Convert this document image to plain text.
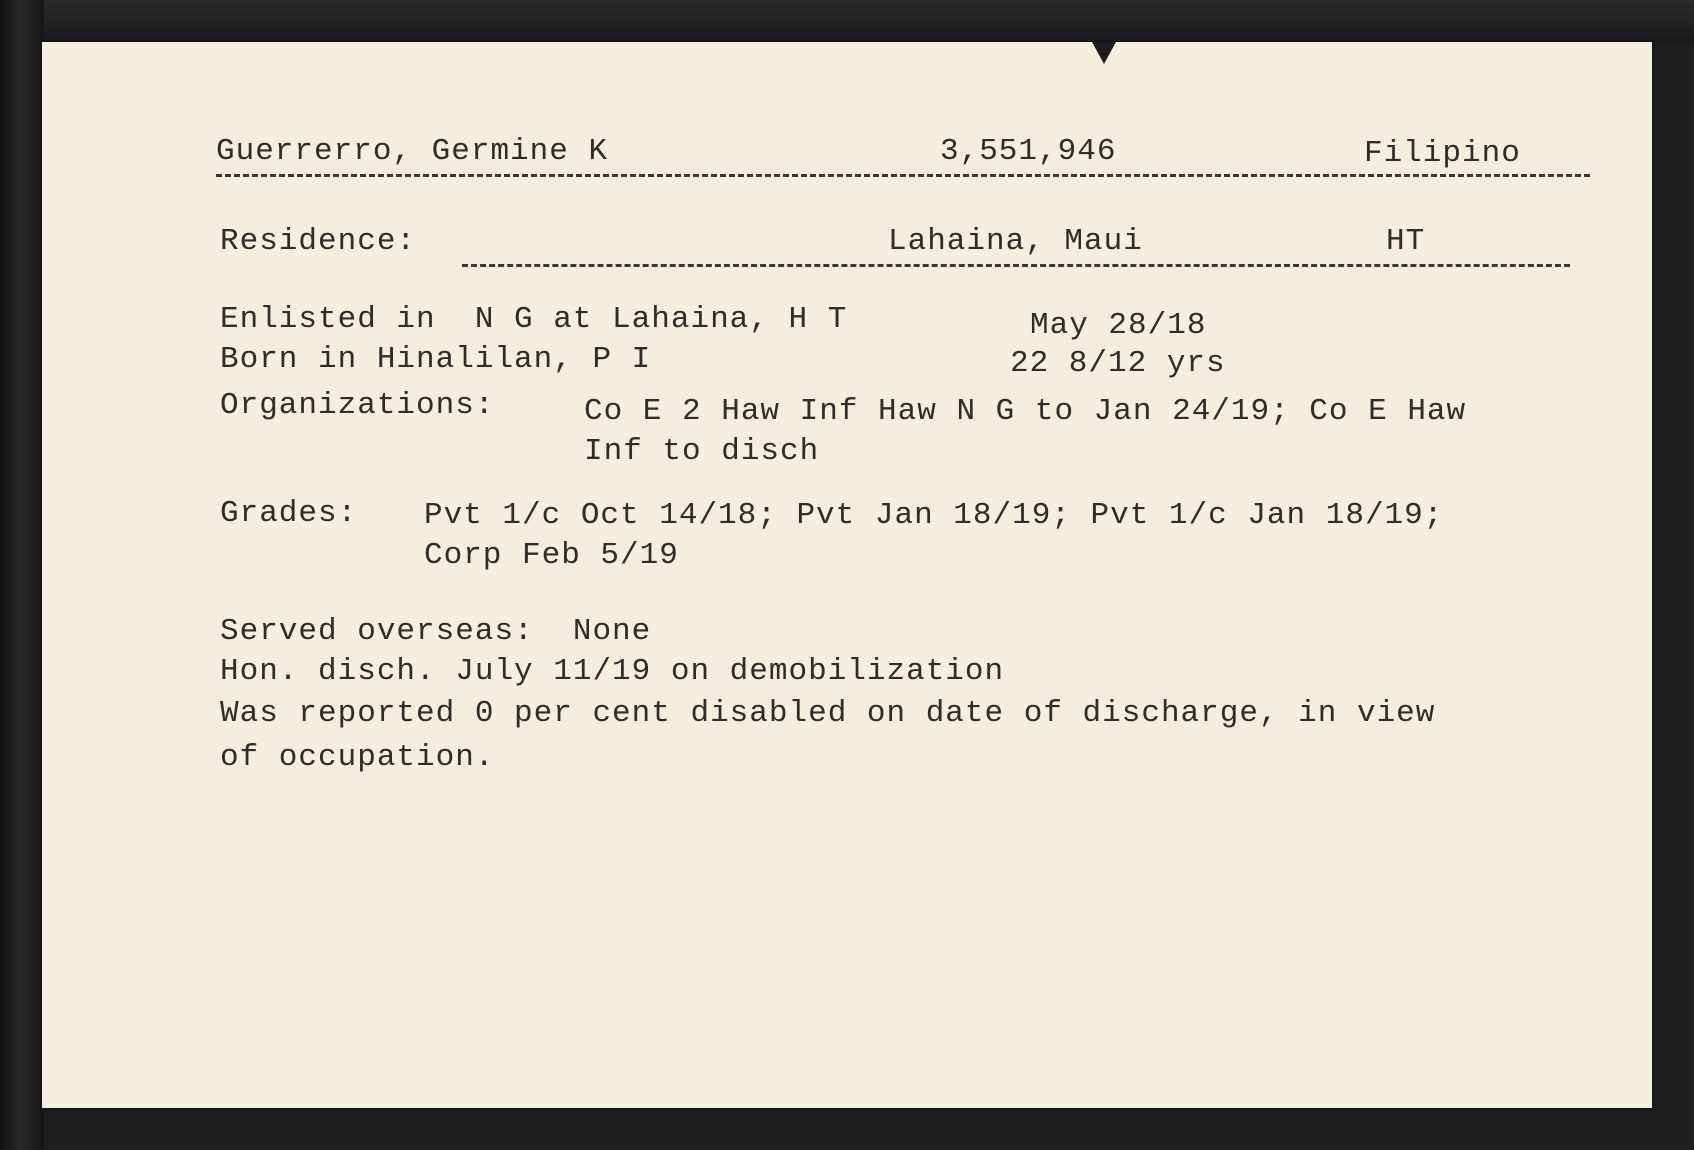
Guerrerro, Germine K	3,551,946	Filipino
Residence:	Lahaina, Maui	HT
Enlisted in  N G at Lahaina, H T	May 28/18
Born in Hinalilan, P I	22 8/12 yrs
Organizations:	Co E 2 Haw Inf Haw N G to Jan 24/19; Co E Haw
Inf to disch
Grades: Pvt 1/c Oct 14/18; Pvt Jan 18/19; Pvt 1/c Jan 18/19;
Corp Feb 5/19
Served overseas:  None
Hon. disch. July 11/19 on demobilization
Was reported 0 per cent disabled on date of discharge, in view
of occupation.
